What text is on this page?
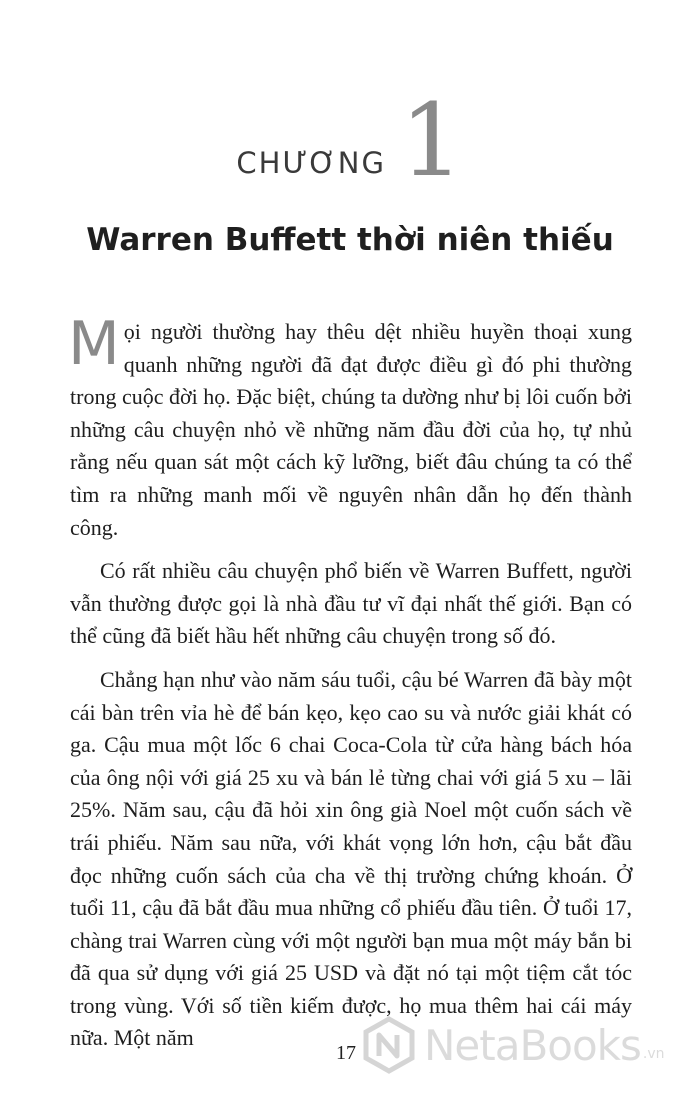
CHƯƠNG 1
Warren Buffett thời niên thiếu

Mọi người thường hay thêu dệt nhiều huyền thoại xung quanh những người đã đạt được điều gì đó phi thường trong cuộc đời họ. Đặc biệt, chúng ta dường như bị lôi cuốn bởi những câu chuyện nhỏ về những năm đầu đời của họ, tự nhủ rằng nếu quan sát một cách kỹ lưỡng, biết đâu chúng ta có thể tìm ra những manh mối về nguyên nhân dẫn họ đến thành công.

Có rất nhiều câu chuyện phổ biến về Warren Buffett, người vẫn thường được gọi là nhà đầu tư vĩ đại nhất thế giới. Bạn có thể cũng đã biết hầu hết những câu chuyện trong số đó.

Chẳng hạn như vào năm sáu tuổi, cậu bé Warren đã bày một cái bàn trên vỉa hè để bán kẹo, kẹo cao su và nước giải khát có ga. Cậu mua một lốc 6 chai Coca-Cola từ cửa hàng bách hóa của ông nội với giá 25 xu và bán lẻ từng chai với giá 5 xu – lãi 25%. Năm sau, cậu đã hỏi xin ông già Noel một cuốn sách về trái phiếu. Năm sau nữa, với khát vọng lớn hơn, cậu bắt đầu đọc những cuốn sách của cha về thị trường chứng khoán. Ở tuổi 11, cậu đã bắt đầu mua những cổ phiếu đầu tiên. Ở tuổi 17, chàng trai Warren cùng với một người bạn mua một máy bắn bi đã qua sử dụng với giá 25 USD và đặt nó tại một tiệm cắt tóc trong vùng. Với số tiền kiếm được, họ mua thêm hai cái máy nữa. Một năm

17 NetaBooks .vn
